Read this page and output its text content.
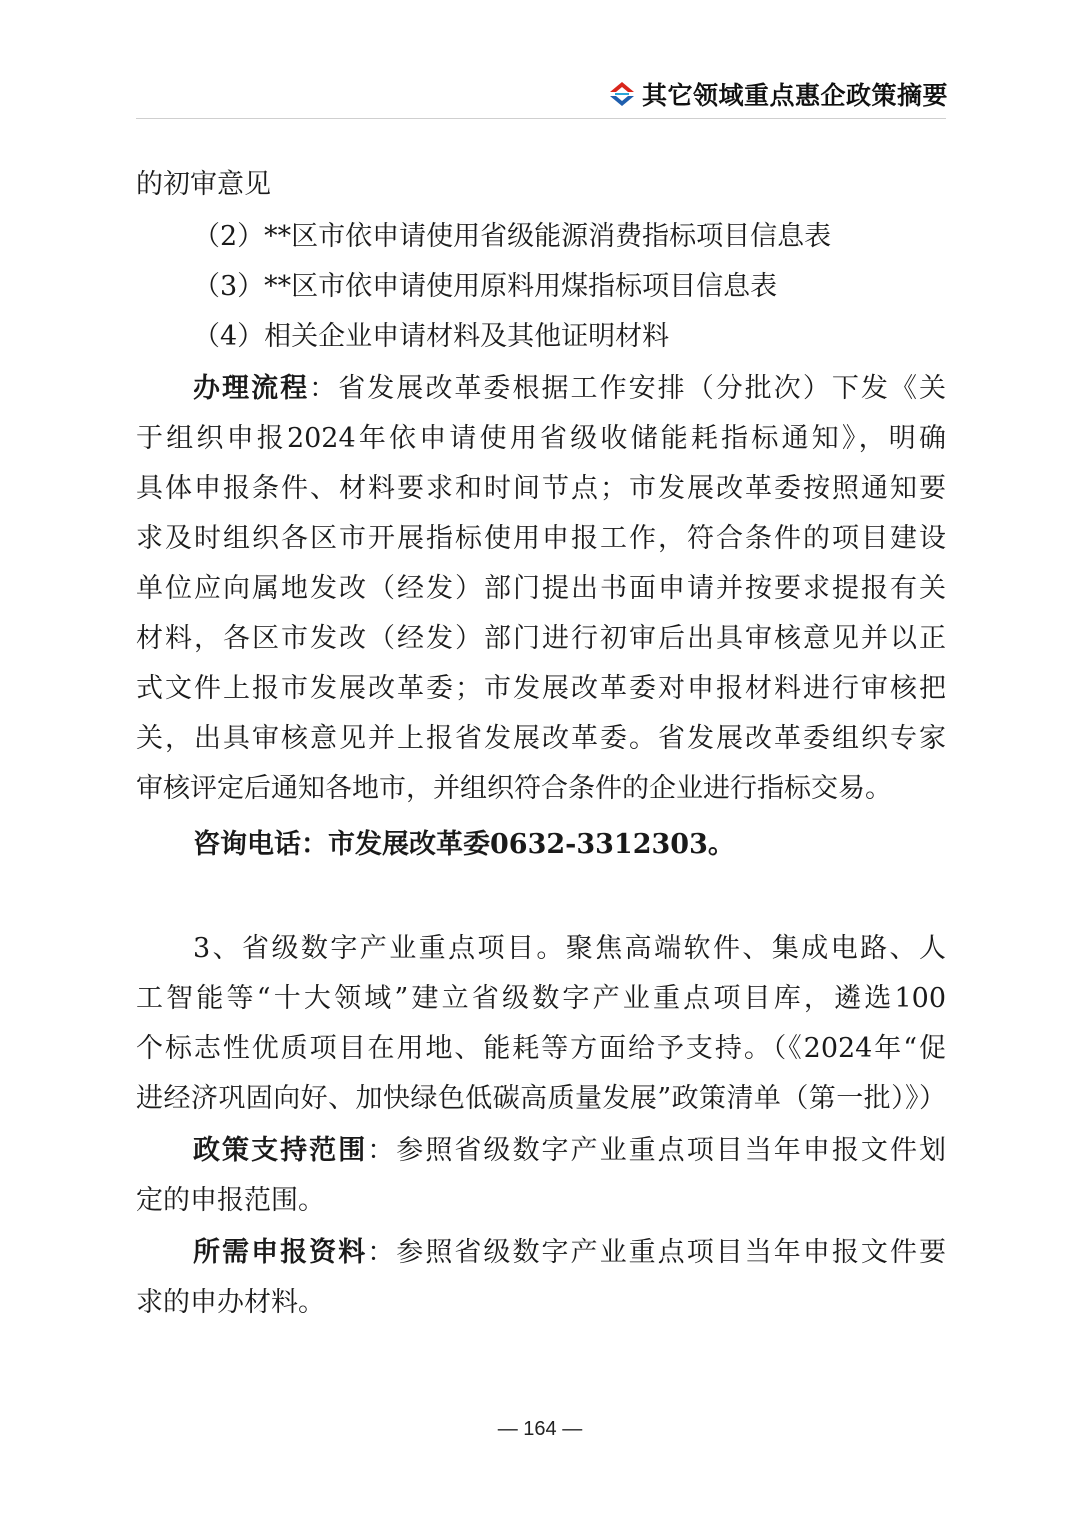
其它领域重点惠企政策摘要
的初审意见
（2）**区市依申请使用省级能源消费指标项目信息表
（3）**区市依申请使用原料用煤指标项目信息表
（4）相关企业申请材料及其他证明材料
办理流程：省发展改革委根据工作安排（分批次）下发《关
于组织申报2024年依申请使用省级收储能耗指标通知》，明确
具体申报条件、材料要求和时间节点；市发展改革委按照通知要
求及时组织各区市开展指标使用申报工作，符合条件的项目建设
单位应向属地发改（经发）部门提出书面申请并按要求提报有关
材料，各区市发改（经发）部门进行初审后出具审核意见并以正
式文件上报市发展改革委；市发展改革委对申报材料进行审核把
关，出具审核意见并上报省发展改革委。省发展改革委组织专家
审核评定后通知各地市，并组织符合条件的企业进行指标交易。
咨询电话：市发展改革委0632-3312303。
3、省级数字产业重点项目。聚焦高端软件、集成电路、人
工智能等“十大领域”建立省级数字产业重点项目库，遴选100
个标志性优质项目在用地、能耗等方面给予支持。（《2024年“促
进经济巩固向好、加快绿色低碳高质量发展”政策清单（第一批）》）
政策支持范围：参照省级数字产业重点项目当年申报文件划
定的申报范围。
所需申报资料：参照省级数字产业重点项目当年申报文件要
求的申办材料。
— 164 —
